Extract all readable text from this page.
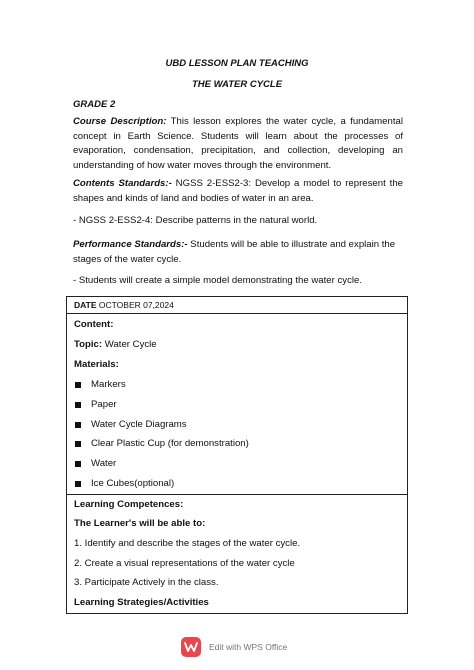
UBD LESSON PLAN TEACHING
THE WATER CYCLE
GRADE 2
Course Description: This lesson explores the water cycle, a fundamental concept in Earth Science. Students will learn about the processes of evaporation, condensation, precipitation, and collection, developing an understanding of how water moves through the environment.
Contents Standards:- NGSS 2-ESS2-3: Develop a model to represent the shapes and kinds of land and bodies of water in an area.
- NGSS 2-ESS2-4: Describe patterns in the natural world.
Performance Standards:- Students will be able to illustrate and explain the stages of the water cycle.
- Students will create a simple model demonstrating the water cycle.
DATE OCTOBER 07,2024
Content:
Topic: Water Cycle
Materials:
Markers
Paper
Water Cycle Diagrams
Clear Plastic Cup (for demonstration)
Water
Ice Cubes(optional)
Learning Competences:
The Learner's will be able to:
1. Identify and describe the stages of the water cycle.
2. Create a visual representations of the water cycle
3. Participate Actively in the class.
Learning Strategies/Activities
Edit with WPS Office
